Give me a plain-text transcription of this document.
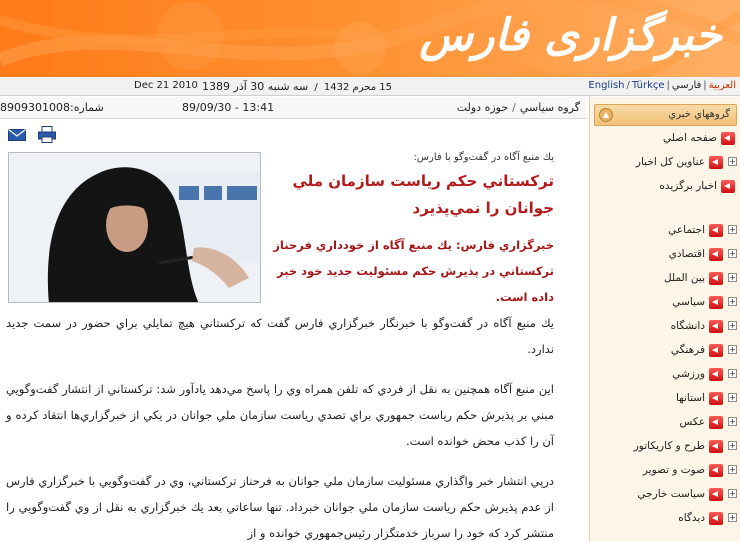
خبرگزاری فارس
English / Türkçe |	العربية|فارسي
15 محرم 1432 / سه شنبه 30 آذر 1389
Dec 21 2010
گروه سياسي/حوزه دولت
89/09/30 - 13:41
شماره:8909301008
يك منبع آگاه در گفت‌وگو با فارس:
تركستاني حكم رياست سازمان ملي جوانان را نمي‌پذيرد
خبرگزاري فارس: يك منبع آگاه از خودداري فرحناز تركستاني در پذيرش حكم مسئوليت جديد خود خبر داده است.
يك منبع آگاه در گفت‌وگو با خبرنگار خبرگزاري فارس گفت كه تركستاني هيچ تمايلي براي حضور در سمت جديد ندارد.
اين منبع آگاه همچنين به نقل از فردي كه تلفن همراه وي را پاسخ مي‌دهد يادآور شد: تركستاني از انتشار گفت‌وگويي مبني بر پذيرش حكم رياست جمهوري براي تصدي رياست سازمان ملي جوانان در يكي از خبرگزاري‌ها انتقاد كرده و آن را كذب محض خوانده است.
درپي انتشار خبر واگذاري مسئوليت سازمان ملي جوانان به فرحناز تركستاني، وي در گفت‌وگويي با خبرگزاري فارس از عدم پذيرش حكم رياست سازمان ملي جوانان خبرداد. تنها ساعاتي بعد يك خبرگزاري به نقل از وي گفت‌وگويي را منتشر كرد كه خود را سرباز خدمتگزار رئيس‌جمهوري خوانده و از
▲	گروههاي خبري
صفحه اصلي
+
عناوين كل اخبار
اخبار برگزيده
+
اجتماعي
+
اقتصادي
+
بين الملل
+
سياسي
+
دانشگاه
+
فرهنگي
+
ورزشي
+
استانها
+
عكس
+
طرح و كاريكاتور
+
صوت و تصوير
+
سياست خارجي
+
ديدگاه
